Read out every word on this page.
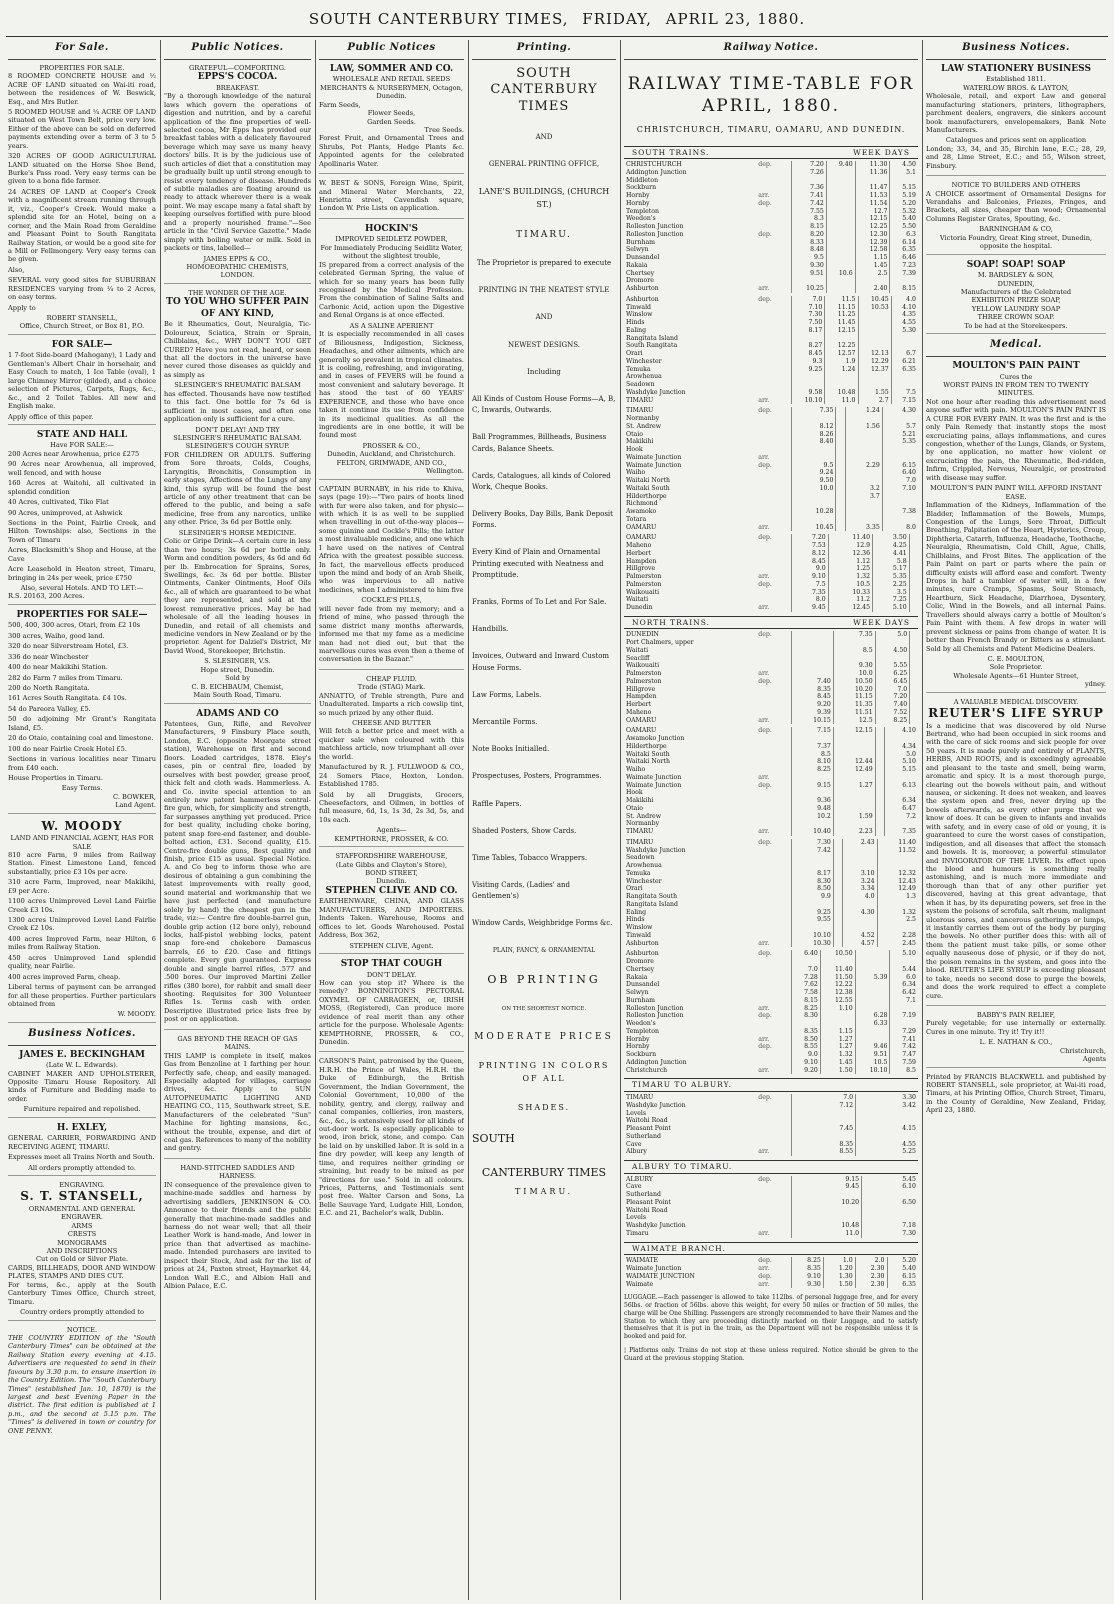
SOUTH CANTERBURY TIMES, FRIDAY, APRIL 23, 1880.
For Sale.
PROPERTIES FOR SALE.

8 ROOMED CONCRETE HOUSE and ½ ACRE OF LAND situated on Wai-iti road, between the residences of W. Beswick, Esq., and Mrs Butler.

5 ROOMED HOUSE and ¼ ACRE OF LAND situated on West Town Belt, price very low. Either of the above can be sold on deferred payments extending over a term of 3 to 5 years.

320 ACRES OF GOOD AGRICULTURAL LAND situated on the Horse Shoe Bend, Burke's Pass road. Very easy terms can be given to a bona fide farmer.

24 ACRES OF LAND at Cooper's Creek with a magnificent stream running through it, viz., Cooper's Creek. Would make a splendid site for an Hotel, being on a corner, and the Main Road from Geraldine and Pleasant Point to South Rangitata Railway Station, or would be a good site for a Mill or Fellmongery. Very easy terms can be given.

Also,

SEVERAL very good sites for SUBURBAN RESIDENCES varying from ¼ to 2 Acres, on easy terms.

Apply to

ROBERT STANSELL,
Office, Church Street, or Box 81, P.O.
FOR SALE—

1 7-foot Side-board (Mahogany), 1 Lady and Gentleman's Albert Chair in horsehair, and Easy Couch to match, 1 Ice Table (oval), 1 large Chimney Mirror (gilded), and a choice selection of Pictures, Carpets, Rugs, &c., &c., and 2 Toilet Tables. All new and English make.

Apply office of this paper.
STATE AND HALL
Have FOR SALE:—

200 Acres near Arowhenua, price £275

90 Acres near Arowhenua, all improved, well fenced, and with house

160 Acres at Waitohi, all cultivated in splendid condition

40 Acres, cultivated, Tiko Flat

90 Acres, unimproved, at Ashwick

Sections in the Point, Fairlie Creek, and Hilton Townships: also, Sections in the Town of Timaru

Acres, Blacksmith's Shop and House, at the Cave

Acre Leasehold in Heaton street, Timaru, bringing in 24s per week, price £750

Also, several Hotels. AND TO LET:—
R.S. 20163, 200 Acres.
PROPERTIES FOR SALE—

500, 400, 300 acres, Otari, from £2 10s

300 acres, Waiho, good land.

320 do near Silverstream Hotel, £3.

336 do near Winchester

400 do near Makikihi Station.

282 do Farm 7 miles from Timaru.

200 do North Rangitata.

161 Acres South Rangitata. £4 10s.

54 do Pareora Valley, £5.

50 do adjoining Mr Grant's Rangitata Island, £5.

20 do Otaio, containing coal and limestone.

100 do near Fairlie Creek Hotel £5.

Sections in various localities near Timaru from £40 each.

House Properties in Timaru.

Easy Terms.
C. BOWKER,
Land Agent.
W. MOODY
LAND AND FINANCIAL AGENT, HAS FOR SALE

810 acre Farm, 9 miles from Railway Station. Finest Limestone Land, fenced substantially, price £3 10s per acre.

310 acre Farm, Improved, near Makikihi, £9 per Acre.

1100 acres Unimproved Level Land Fairlie Creek £3 10s.

1300 acres Unimproved Level Land Fairlie Creek £2 10s.

400 acres Improved Farm, near Hilton, 6 miles from Railway Station.

450 acres Unimproved Land splendid quality, near Fairlie.

400 acres improved Farm, cheap.

Liberal terms of payment can be arranged for all these properties. Further particulars obtained from

W. MOODY.
Business Notices.
JAMES E. BECKINGHAM
(Late W. L. Edwards).

CABINET MAKER AND UPHOLSTERER, Opposite Timaru House Repository. All kinds of Furniture and Bedding made to order.

Furniture repaired and repolished.
H. EXLEY,

GENERAL CARRIER, FORWARDING AND RECEIVING AGENT, TIMARU.

Expresses meet all Trains North and South.

All orders promptly attended to.
ENGRAVING.
S. T. STANSELL,
ORNAMENTAL AND GENERAL ENGRAVER.
ARMS
CRESTS
MONOGRAMS
AND INSCRIPTIONS
Cut on Gold or Silver Plate.
CARDS, BILLHEADS, DOOR AND WINDOW PLATES, STAMPS AND DIES CUT.

For terms, &c., apply at the South Canterbury Times Office, Church street, Timaru.

Country orders promptly attended to
NOTICE.

THE COUNTRY EDITION of the "South Canterbury Times" can be obtained at the Railway Station every evening at 4.15. Advertisers are requested to send in their favours by 3.30 p.m. to ensure insertion in the Country Edition. The "South Canterbury Times" (established Jan. 10, 1870) is the largest and best Evening Paper in the district. The first edition is published at 1 p.m., and the second at 5.15 p.m. The "Times" is delivered in town or country for ONE PENNY.

Public Notices.
GRATEFUL—COMFORTING.
EPPS'S COCOA.
BREAKFAST.

"By a thorough knowledge of the natural laws which govern the operations of digestion and nutrition, and by a careful application of the fine properties of well-selected cocoa, Mr Epps has provided our breakfast tables with a delicately flavoured beverage which may save us many heavy doctors' bills. It is by the judicious use of such articles of diet that a constitution may be gradually built up until strong enough to resist every tendency of disease. Hundreds of subtle maladies are floating around us ready to attack wherever there is a weak point. We may escape many a fatal shaft by keeping ourselves fortified with pure blood and a properly nourished frame."—See article in the "Civil Service Gazette." Made simply with boiling water or milk. Sold in packets or tins, labelled—

JAMES EPPS & CO.,
HOMOEOPATHIC CHEMISTS,
LONDON.
THE WONDER OF THE AGE.
TO YOU WHO SUFFER PAIN OF ANY KIND,

Be it Rheumatics, Gout, Neuralgia, Tic-Doloureux, Sciatica, Strain or Sprain, Chilblains, &c., WHY DON'T YOU GET CURED? Have you not read, heard, or seen that all the doctors in the universe have never cured those diseases as quickly and as simply as

SLESINGER'S RHEUMATIC BALSAM

has effected. Thousands have now testified to this fact. One bottle for 7s 6d is sufficient in most cases, and often one application only is sufficient for a cure.

DON'T DELAY! AND TRY
SLESINGER'S RHEUMATIC BALSAM.
SLESINGER'S COUGH SYRUP.

FOR CHILDREN OR ADULTS. Suffering from Sore throats, Colds, Coughs, Laryngitis, Bronchitis, Consumption in early stages, Affections of the Lungs of any kind, this syrup will be found the best article of any other treatment that can be offered to the public, and being a safe medicine, free from any narcotics, unlike any other. Price, 3s 6d per Bottle only.

SLESINGER'S HORSE MEDICINE.

Colic or Gripe Drink—A certain cure in less than two hours; 3s 6d per bottle only. Worm and condition powders, 4s 6d and 6d per lb. Embrocation for Sprains, Sores, Swellings, &c. 3s 6d per bottle. Blister Ointments, Canker Ointments, Hoof Oils &c., all of which are guaranteed to be what they are represented, and sold at the lowest remunerative prices. May be had wholesale of all the leading houses in Dunedin, and retail of all chemists and medicine vendors in New Zealand or by the proprietor. Agent for Dalziel's District, Mr David Wood, Storekeeper, Brichstin.

S. SLESINGER, V.S.
Hope street, Dunedin.
Sold by
C. B. EICHBAUM, Chemist,
Main South Road, Timaru.
ADAMS AND CO

Patentees, Gun, Rifle, and Revolver Manufacturers, 9 Finsbury Place south, London, E.C. (opposite Moorgate street station), Warehouse on first and second floors. Loaded cartridges, 1878. Eley's cases, pin or central fire, loaded by ourselves with best powder, grease proof, thick felt and cloth wads. Hammerless. A. and Co. invite special attention to an entirely new patent hammerless central-fire gun, which, for simplicity and strength, far surpasses anything yet produced. Price for best quality, including choke boring, patent snap fore-end fastener, and double-bolted action, £31. Second quality, £15. Centre-fire double guns, Best quality and finish, price £15 as usual. Special Notice. A. and Co beg to inform those who are desirous of obtaining a gun combining the latest improvements with really good, sound material and workmanship that we have just perfected (and manufacture solely by hand) the cheapest gun in the trade, viz:— Centre fire double-barrel gun, double grip action (12 bore only), rebound locks, half-pistol webbing locks, patent snap fore-end chokebore Damascus barrels, £6 to £20. Case and fittings complete. Every gun guaranteed. Express double and single barrel rifles, .577 and .500 bores. Our improved Martini Zeller rifles (380 bore), for rabbit and small deer shooting. Requisites for 300 Volunteer Rifles 1s. Terms cash with order. Descriptive illustrated price lists free by post or on application.

GAS BEYOND THE REACH OF GAS MAINS.

THIS LAMP is complete in itself, makes Gas from Benzoline at 1 farthing per hour. Perfectly safe, cheap, and easily managed. Especially adapted for villages, carriage drives, &c. Apply to SUN AUTOPNEUMATIC LIGHTING AND HEATING CO., 115, Southwark street, S.E. Manufacturers of the celebrated "Sun" Machine for lighting mansions, &c., without the trouble, expense, and dirt of coal gas. References to many of the nobility and gentry.

HAND-STITCHED SADDLES AND HARNESS.

IN consequence of the prevalence given to machine-made saddles and harness by advertising saddlers, JENKINSON & CO. Announce to their friends and the public generally that machine-made saddles and harness do not wear well; that all their Leather Work is hand-made, And lower in price than that advertised as machine-made. Intended purchasers are invited to inspect their Stock, And ask for the list of prices at 24, Paxton street, Haymarket 44, London Wall E.C., and Albion Hall and Albion Palace, E.C.

Public Notices
LAW, SOMMER AND CO.
WHOLESALE AND RETAIL SEEDS MERCHANTS & NURSERYMEN, Octagon, Dunedin.
Farm Seeds,
Flower Seeds,
Garden Seeds.
Tree Seeds.

Forest Fruit, and Ornamental Trees and Shrubs, Pot Plants, Hedge Plants &c. Appointed agents for the celebrated Apollinaris Water.

W. BEST & SONS, Foreign Wine, Spirit, and Mineral Water Merchants, 22, Henrietta street, Cavendish square, London W. Prie Lists on application.

HOCKIN'S
IMPROVED SEIDLETZ POWDER,
For Immediately Producing Seidlitz Water, without the slightest trouble,

IS prepared from a correct analysis of the celebrated German Spring, the value of which for so many years has been fully recognised by the Medical Profession. From the combination of Saline Salts and Carbonic Acid, action upon the Digestive and Renal Organs is at once effected.

AS A SALINE APERIENT

It is especially recommended in all cases of Biliousness, Indigestion, Sickness, Headaches, and other ailments, which are generally so prevalent in tropical climates. It is cooling, refreshing, and invigorating, and in cases of FEVERS will be found a most convenient and salutary beverage. It has stood the test of 60 YEARS' EXPERIENCE, and those who have once taken it continue its use from confidence in its medicinal qualities. As all the ingredients are in one bottle, it will be found most

PROSSER & CO.,
Dunedin, Auckland, and Christchurch.
FELTON, GRIMWADE, AND CO.,
Wellington.

CAPTAIN BURNABY, in his ride to Khiva, says (page 19):—"Two pairs of boots lined with fur were also taken, and for physic—with which it is as well to be supplied when travelling in out of-the-way places—some quinine and Cockle's Pills; the latter a most invaluable medicine, and one which I have used on the natives of Central Africa with the greatest possible success. In fact, the marvellous effects produced upon the mind and body of an Arab Sheik, who was impervious to all native medicines, when I administered to him five

COCKLE'S PILLS,

will never fade from my memory; and a friend of mine, who passed through the same district many months afterwards, informed me that my fame as a medicine man had not died out, but that the marvellous cures was even then a theme of conversation in the Bazaar."

CHEAP FLUID.
Trade (STAG) Mark.

ANNATTO, of Treble strength, Pure and Unadulterated. Imparts a rich cowslip tint, so much prized by any other fluid.

CHEESE AND BUTTER

Will fetch a better price and meet with a quicker sale when coloured with this matchless article, now triumphant all over the world.

Manufactured by R. J. FULLWOOD & CO., 24 Somers Place, Hoxton, London. Established 1785.

Sold by all Druggists, Grocers, Cheesefactors, and Oilmen, in bottles of full measure, 6d, 1s, 1s 3d, 2s 3d, 5s, and 10s each.

Agents—
KEMPTHORNE, PROSSER, & CO.
STAFFORDSHIRE WAREHOUSE,
(Late Gibbs and Clayton's Store),
BOND STREET,
Dunedin.
STEPHEN CLIVE AND CO.

EARTHENWARE, CHINA, AND GLASS MANUFACTURERS, AND IMPORTERS. Indents Taken. Warehouse, Rooms and offices to let. Goods Warehoused. Postal Address, Box 362,

STEPHEN CLIVE, Agent.
STOP THAT COUGH
DON'T DELAY.

How can you stop it? Where is the remedy? BONNINGTON'S PECTORAL OXYMEL OF CARRAGEEN, or, IRISH MOSS, (Registered), Can produce more evidence of real merit than any other article for the purpose. Wholesale Agents: KEMPTHORNE, PROSSER, & CO., Dunedin.

CARSON'S Paint, patronised by the Queen, H.R.H. the Prince of Wales, H.R.H. the Duke of Edinburgh, the British Government, the Indian Government, the Colonial Government, 10,000 of the nobility, gentry, and clergy, railway and canal companies, collieries, iron masters, &c., &c., is extensively used for all kinds of out-door work. Is especially applicable to wood, iron brick, stone, and compo. Can be laid on by unskilled labor. It is sold in a fine dry powder, will keep any length of time, and requires neither grinding or straining, but ready to be mixed as per "directions for use." Sold in all colours. Prices, Patterns, and Testimonials sent post free. Walter Carson and Sons, La Belle Sauvage Yard, Ludgate Hill, London, E.C. and 21, Bachelor's walk, Dublin.

Printing.
SOUTH CANTERBURY TIMES
AND
GENERAL PRINTING OFFICE,
LANE'S BUILDINGS, (CHURCH ST.)
TIMARU.
The Proprietor is prepared to execute
PRINTING IN THE NEATEST STYLE
AND
NEWEST DESIGNS.
Including
All Kinds of Custom House Forms—A, B, C, Inwards, Outwards.
Ball Programmes, Billheads, Business Cards, Balance Sheets.
Cards, Catalogues, all kinds of Colored Work, Cheque Books.
Delivery Books, Day Bills, Bank Deposit Forms.
Every Kind of Plain and Ornamental Printing executed with Neatness and Promptitude.
Franks, Forms of To Let and For Sale.
Handbills.
Invoices, Outward and Inward Custom House Forms.
Law Forms, Labels.
Mercantile Forms.
Note Books Initialled.
Prospectuses, Posters, Programmes.
Raffle Papers.
Shaded Posters, Show Cards.
Time Tables, Tobacco Wrappers.
Visiting Cards, (Ladies' and Gentlemen's)
Window Cards, Weighbridge Forms &c.
PLAIN, FANCY, & ORNAMENTAL
OB PRINTING
ON THE SHORTEST NOTICE.
MODERATE PRICES
PRINTING IN COLORS OF ALL
SHADES.
SOUTH
CANTERBURY TIMES
TIMARU.
Railway Notice.
RAILWAY TIME-TABLE FOR APRIL, 1880.
CHRISTCHURCH, TIMARU, OAMARU, AND DUNEDIN.
SOUTH TRAINS.	WEEK DAYS
CHRISTCHURCH	dep.	7.20	9.40	11.30	4.50
Addington Junction		7.26		11.36	5.1
Middleton					
Sockburn		7.36		11.47	5.15
Hornby	arr.	7.41		11.53	5.19
Hornby	dep.	7.42		11.54	5.20
Templeton		7.55		12.7	5.32
Weedon's		8.3		12.15	5.40
Rolleston Junction		8.15		12.25	5.50
Rolleston Junction	dep.	8.20		12.30	6.3
Burnham		8.33		12.39	6.14
Selwyn		8.48		12.58	6.35
Dunsandel		9.5		1.15	6.46
Rakaia		9.30		1.45	7.23
Chertsey		9.51	10.6	2.5	7.39
Dromore					
Ashburton	arr.	10.25		2.40	8.15
Ashburton	dep.	7.0	11.5	10.45	4.0
Tinwald		7.10	11.15	10.53	4.10
Winslow		7.30	11.25		4.35
Hinds		7.50	11.45		4.55
Ealing		8.17	12.15		5.30
Rangitata Island					
South Rangitata		8.27	12.25		
Orari		8.45	12.57	12.13	6.7
Winchester		9.3	1.9	12.29	6.21
Temuka		9.25	1.24	12.37	6.35
Arowhenua					
Seadown					
Washdyke Junction		9.58	10.48	1.55	7.5
TIMARU	arr.	10.10	11.0	2.7	7.15
TIMARU	dep.	7.35		1.24	4.30
Normanby					
St. Andrew		8.12		1.56	5.7
Otaio		8.26			5.21
Makikihi		8.40			5.35
Hook					
Waimate Junction	arr.				
Waimate Junction	dep.	9.5		2.29	6.15
Waiho		9.24			6.40
Waitaki North		9.50			7.0
Waitaki South		10.0		3.2	7.10
Hilderthorpe				3.7	
Richmond					
Awamoko		10.28			7.38
Totara					
OAMARU	arr.	10.45		3.35	8.0
OAMARU	dep.	7.20	11.40	3.50	
Maheno		7.53	12.9	4.25	
Herbert		8.12	12.36	4.41	
Hampden		8.45	1.12	5.8	
Hillgrove		9.0	1.25	5.17	
Palmerston	arr.	9.10	1.32	5.35	
Palmerston	dep.	7.5	10.5	2.25	
Waikouaiti		7.35	10.33	3.5	
Waitati		8.0	11.2	7.25	
Dunedin	arr.	9.45	12.45	5.10	
NORTH TRAINS.	WEEK DAYS
DUNEDIN	dep.		7.35	5.0	
Port Chalmers, upper					
Waitati			8.5	4.50	
Seacliff					
Waikouaiti			9.30	5.55	
Palmerston	arr.		10.0	6.25	
Palmerston	dep.	7.40	10.50	6.45	
Hillgrove		8.35	10.20	7.0	
Hampden		8.45	11.15	7.20	
Herbert		9.20	11.35	7.40	
Maheno		9.39	11.51	7.52	
OAMARU	arr.	10.15	12.5	8.25	
OAMARU	dep.	7.15	12.15		4.10
Awamoko Junction					
Hilderthorpe		7.37			4.34
Waitaki South		8.5			5.0
Waitaki North		8.10	12.44		5.10
Waiho		8.25	12.49		5.15
Waimate Junction	arr.				
Waimate Junction	dep.	9.15	1.27		6.13
Hook					
Makikihi		9.36			6.34
Otaio		9.48			6.47
St. Andrew		10.2	1.59		7.2
Normanby					
TIMARU	arr.	10.40	2.23		7.35
TIMARU	dep.	7.30		2.43	11.40
Washdyke Junction		7.42			11.52
Seadown					
Arowhenua					
Temuka		8.17		3.10	12.32
Winchester		8.30		3.24	12.43
Orari		8.50		3.34	12.49
Rangitata South		9.9		4.0	1.3
Rangitata Island					
Ealing		9.25		4.30	1.32
Hinds		9.55			2.5
Winslow					
Tinwald		10.10		4.52	2.28
Ashburton	arr.	10.30		4.57	2.45
Ashburton	dep.	6.40	10.50		5.10
Dromore					
Chertsey		7.0	11.40		5.44
Rakaia		7.28	11.50	5.39	6.0
Dunsandel		7.62	12.22		6.34
Selwyn		7.58	12.38		6.42
Burnham		8.15	12.55		7.1
Rolleston Junction	arr.	8.25	1.10		
Rolleston Junction	dep.	8.30		6.28	7.19
Weedon's				6.33	
Templeton		8.35	1.15		7.29
Hornby	arr.	8.50	1.27		7.41
Hornby	dep.	8.55	1.27	9.46	7.42
Sockburn		9.0	1.32	9.51	7.47
Addington Junction		9.10	1.45	10.5	7.59
Christchurch	arr.	9.20	1.50	10.10	8.5
TIMARU TO ALBURY.
TIMARU	dep.	7.0	3.30
Washdyke Junction		7.12	3.42
Levels			
Waitohi Road			
Pleasant Point		7.45	4.15
Sutherland			
Cave		8.35	4.55
Albury	arr.	8.55	5.25
ALBURY TO TIMARU.
ALBURY	dep.	9.15	5.45
Cave		9.45	6.10
Sutherland			
Pleasant Point		10.20	6.50
Waitohi Road			
Levels			
Washdyke Junction		10.48	7.18
Timaru	arr.	11.0	7.30
WAIMATE BRANCH.
WAIMATE	dep.	8.25	1.0	2.0	5.20
Waimate Junction	arr.	8.35	1.20	2.30	5.40
WAIMATE JUNCTION	dep.	9.10	1.30	2.30	6.15
Waimate	arr.	9.30	1.50	2.30	6.35
LUGGAGE.—Each passenger is allowed to take 112lbs. of personal luggage free, and for every 56lbs. or fraction of 56lbs. above this weight, for every 50 miles or fraction of 50 miles, the charge will be One Shilling. Passengers are strongly recommended to have their Names and the Station to which they are proceeding distinctly marked on their Luggage, and to satisfy themselves that it is put in the train, as the Department will not be responsible unless it is booked and paid for.
¦ Platforms only. Trains do not stop at these unless required. Notice should be given to the Guard at the previous stopping Station.
Business Notices.
LAW STATIONERY BUSINESS
Established 1811.
WATERLOW BROS. & LAYTON,

Wholesale, retail, and export Law and general manufacturing stationers, printers, lithographers, parchment dealers, engravers, die sinkers account book manufacturers, envelopemakers, Bank Note Manufacturers.

Catalogues and prices sent on application

London; 33, 34, and 35, Birchin lane, E.C.; 28, 29, and 28, Lime Street, E.C.; and 55, Wilson street, Finsbury.

NOTICE TO BUILDERS AND OTHERS

A CHOICE assortment of Ornamental Designs for Verandahs and Balconies, Friezes, Fringes, and Brackets, all sizes, cheaper than wood; Ornamental Columns Register Grates, Spouting, &c.

BARNINGHAM & CO,
Victoria Foundry, Great King street, Dunedin, opposite the hospital.
SOAP! SOAP! SOAP
M. BARDSLEY & SON,
DUNEDIN,
Manufacturers of the Celebrated
EXHIBITION PRIZE SOAP,
YELLOW LAUNDRY SOAP
THREE CROWN SOAP.
To be had at the Storekeepers.
Medical.
MOULTON'S PAIN PAINT
Cures the
WORST PAINS IN FROM TEN TO TWENTY MINUTES.

Not one hour after reading this advertisement need anyone suffer with pain. MOULTON'S PAIN PAINT IS A CURE FOR EVERY PAIN. It was the first and is the only Pain Remedy that instantly stops the most excruciating pains, allays inflammations, and cures congestion, whether of the Lungs, Glands, or System, by one application, no matter how violent or excruciating the pain, the Rheumatic, Bed-ridden, Infirm, Crippled, Nervous, Neuralgic, or prostrated with disease may suffer.

MOULTON'S PAIN PAINT WILL AFFORD INSTANT EASE.

Inflammation of the Kidneys, Inflammation of the Bladder, Inflammation of the Bowels, Mumps, Congestion of the Lungs, Sore Throat, Difficult Breathing, Palpitation of the Heart, Hysterics, Croup, Diphtheria, Catarrh, Influenza, Headache, Toothache, Neuralgia, Rheumatism, Cold Chill, Ague, Chills, Chilblains, and Frost Bites. The application of the Pain Paint on part or parts where the pain or difficulty exists will afford ease and comfort. Twenty Drops in half a tumbler of water will, in a few minutes, cure Cramps, Spasms, Sour Stomach, Heartburn, Sick Headache, Diarrhoea, Dysentery, Colic, Wind in the Bowels, and all internal Pains. Travellers should always carry a bottle of Moulton's Pain Paint with them. A few drops in water will prevent sickness or pains from change of water. It is better than French Brandy or Bitters as a stimulant. Sold by all Chemists and Patent Medicine Dealers.

C. E. MOULTON,
Sole Proprietor.
Wholesale Agents—61 Hunter Street,
ydney.
A VALUABLE MEDICAL DISCOVERY.
REUTER'S LIFE SYRUP

Is a medicine that was discovered by old Nurse Bertrand, who had been occupied in sick rooms and with the care of sick rooms and sick people for over 50 years. It is made purely and entirely of PLANTS, HERBS, AND ROOTS, and is exceedingly agreeable and pleasant to the taste and smell, being warm, aromatic and spicy. It is a most thorough purge, clearing out the bowels without pain, and without nausea, or sickening. It does not weaken, and leaves the system open and free, never drying up the bowels afterwards, as every other purge that we know of does. It can be given to infants and invalids with safety, and in every case of old or young, it is guaranteed to cure the worst cases of constipation, indigestion, and all diseases that affect the stomach and bowels. It is, moreover, a powerful stimulator and INVIGORATOR OF THE LIVER. Its effect upon the blood and humours is something really astonishing, and is much more immediate and thorough than that of any other purifier yet discovered, having at this great advantage, that when it has, by its depurating powers, set free in the system the poisons of scrofula, salt rheum, malignant ulcerous sores, and cancerous gatherings or lumps, it instantly carries them out of the body by purging the bowels. No other purifier does this: with all of them the patient must take pills, or some other equally nauseous dose of physic, or if they do not, the poison remains in the system, and goes into the blood. REUTER'S LIFE SYRUP is exceeding pleasant to take, needs no second dose to purge the bowels, and does the work required to effect a complete cure.

BABBY'S PAIN RELIEF,

Purely vegetable; for use internally or externally. Cures in one minute. Try it! Try it!!

L. E. NATHAN & CO.,
Christchurch,
Agents

Printed by FRANCIS BLACKWELL and published by ROBERT STANSELL, sole proprietor, at Wai-iti road, Timaru, at his Printing Office, Church Street, Timaru, in the County of Geraldine, New Zealand, Friday, April 23, 1880.
